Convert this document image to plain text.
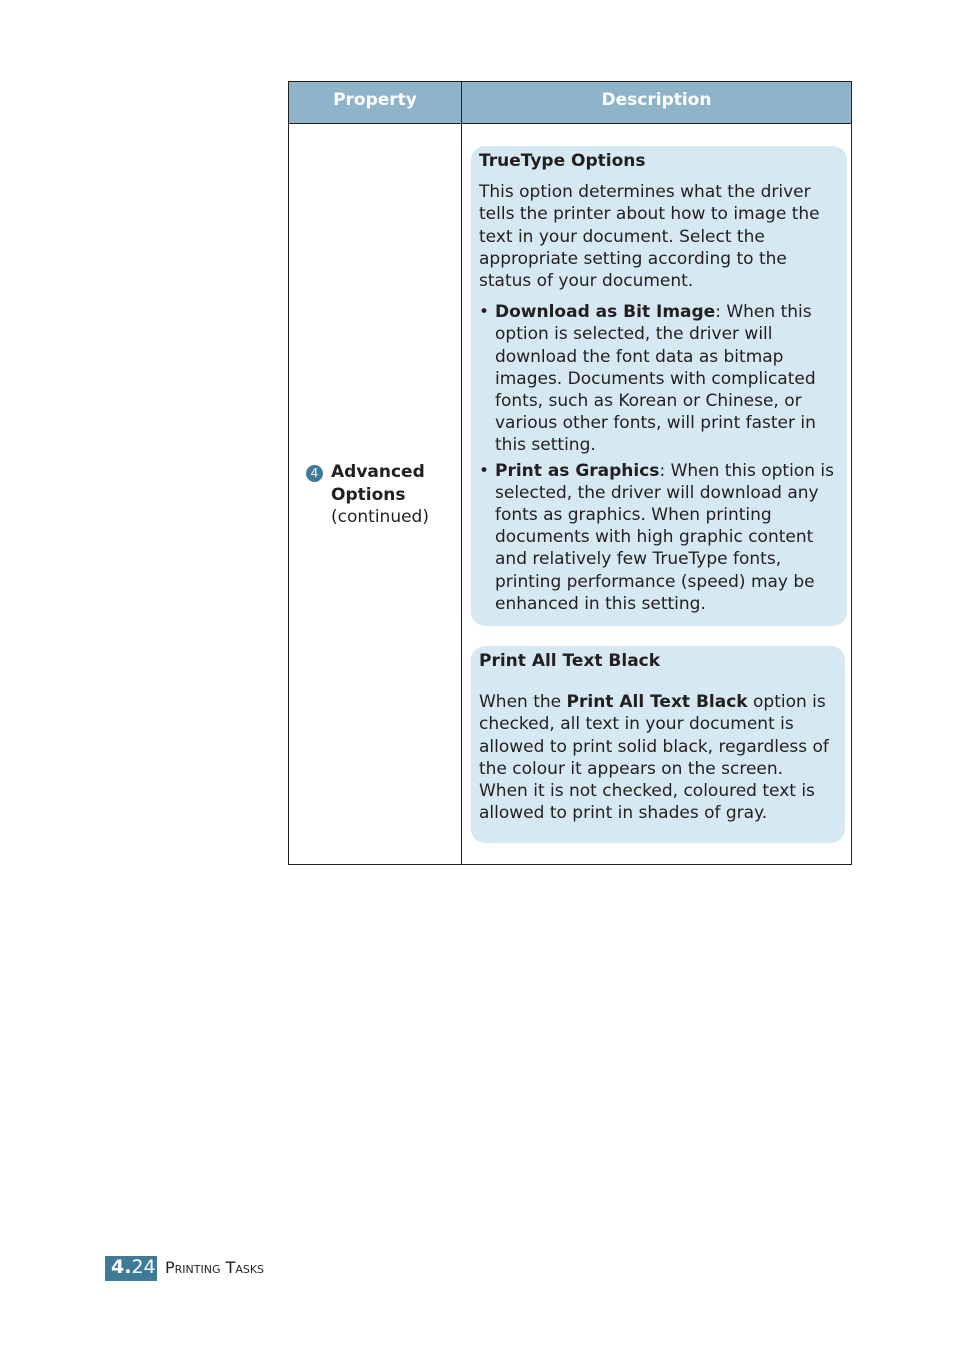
Property	Description
4 Advanced
Options
(continued)
TrueType Options
This option determines what the driver tells the printer about how to image the text in your document. Select the appropriate setting according to the status of your document.
• Download as Bit Image: When this option is selected, the driver will download the font data as bitmap images. Documents with complicated fonts, such as Korean or Chinese, or various other fonts, will print faster in this setting.
• Print as Graphics: When this option is selected, the driver will download any fonts as graphics. When printing documents with high graphic content and relatively few TrueType fonts, printing performance (speed) may be enhanced in this setting.
Print All Text Black
When the Print All Text Black option is checked, all text in your document is allowed to print solid black, regardless of the colour it appears on the screen. When it is not checked, coloured text is allowed to print in shades of gray.
4.24 Printing Tasks
